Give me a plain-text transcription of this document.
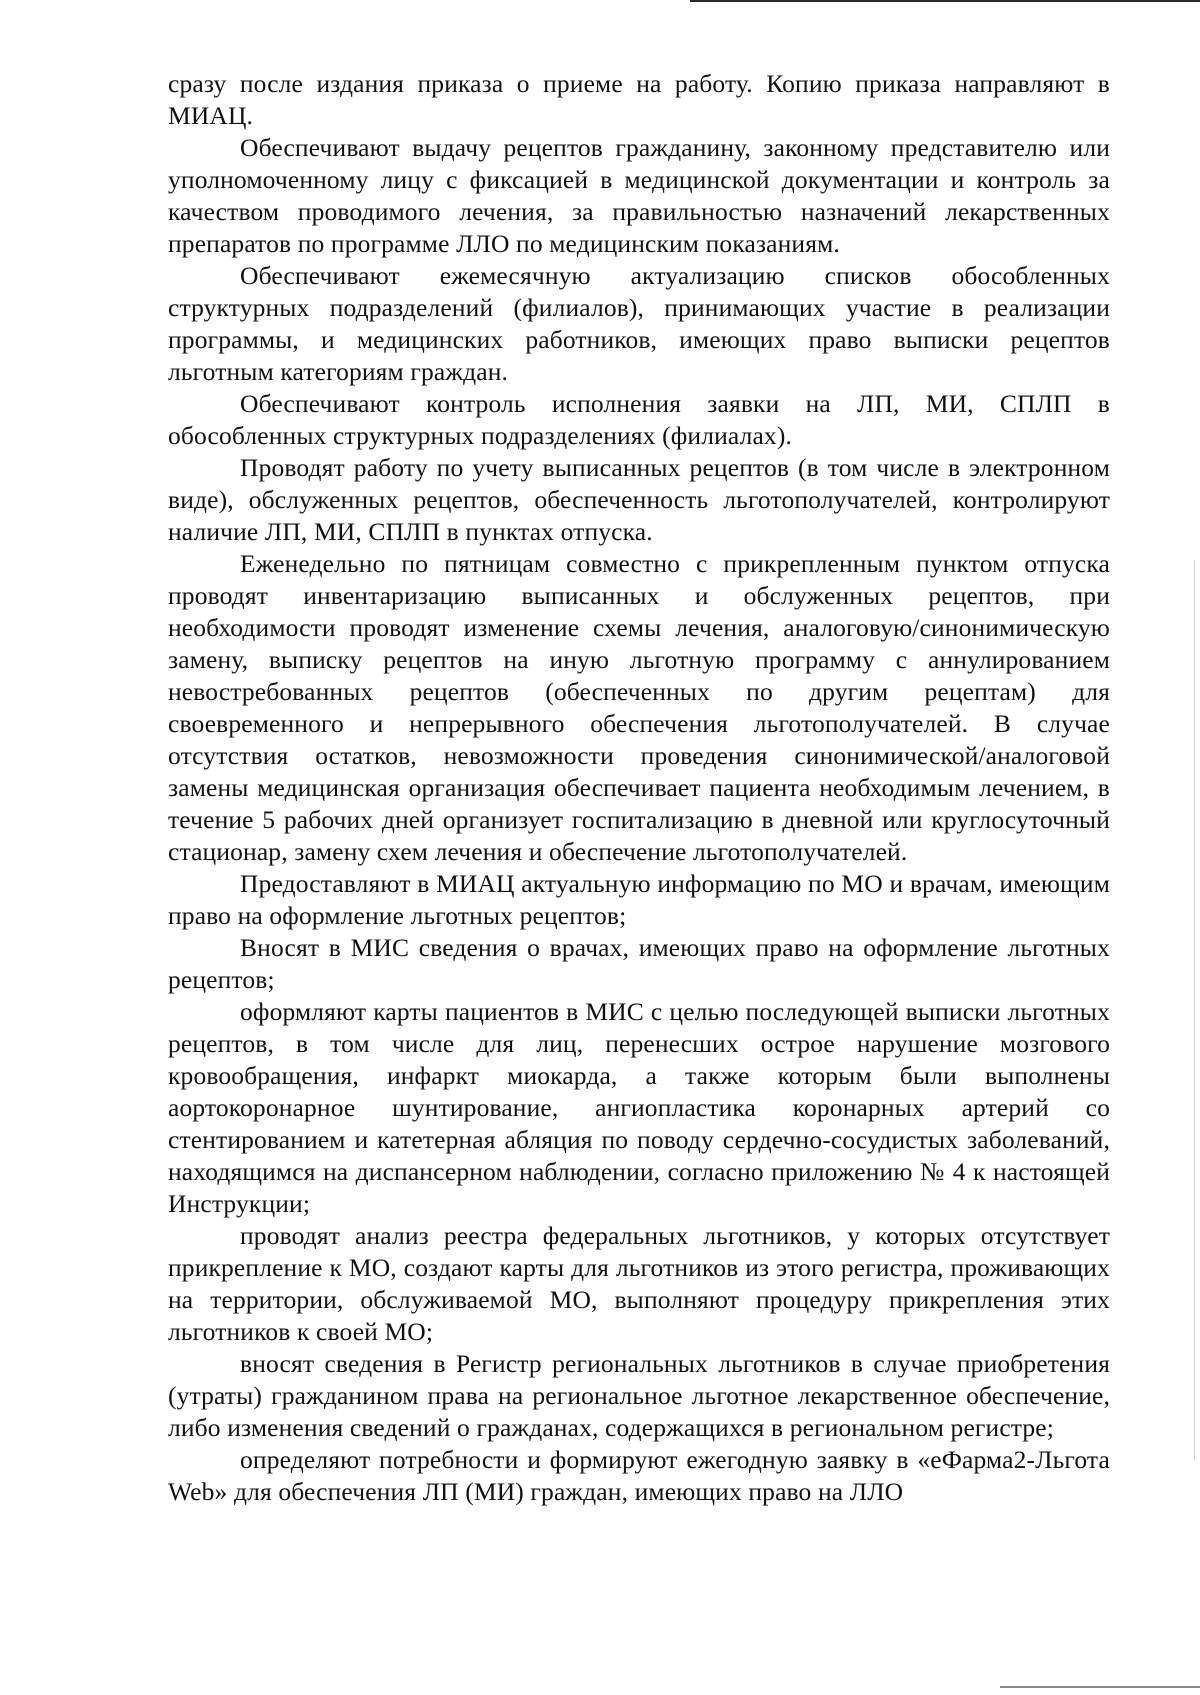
сразу после издания приказа о приеме на работу. Копию приказа направляют в МИАЦ.

Обеспечивают выдачу рецептов гражданину, законному представителю или уполномоченному лицу с фиксацией в медицинской документации и контроль за качеством проводимого лечения, за правильностью назначений лекарственных препаратов по программе ЛЛО по медицинским показаниям.

Обеспечивают ежемесячную актуализацию списков обособленных структурных подразделений (филиалов), принимающих участие в реализации программы, и медицинских работников, имеющих право выписки рецептов льготным категориям граждан.

Обеспечивают контроль исполнения заявки на ЛП, МИ, СПЛП в обособленных структурных подразделениях (филиалах).

Проводят работу по учету выписанных рецептов (в том числе в электронном виде), обслуженных рецептов, обеспеченность льготополучателей, контролируют наличие ЛП, МИ, СПЛП в пунктах отпуска.

Еженедельно по пятницам совместно с прикрепленным пунктом отпуска проводят инвентаризацию выписанных и обслуженных рецептов, при необходимости проводят изменение схемы лечения, аналоговую/синонимическую замену, выписку рецептов на иную льготную программу с аннулированием невостребованных рецептов (обеспеченных по другим рецептам) для своевременного и непрерывного обеспечения льготополучателей. В случае отсутствия остатков, невозможности проведения синонимической/аналоговой замены медицинская организация обеспечивает пациента необходимым лечением, в течение 5 рабочих дней организует госпитализацию в дневной или круглосуточный стационар, замену схем лечения и обеспечение льготополучателей.

Предоставляют в МИАЦ актуальную информацию по МО и врачам, имеющим право на оформление льготных рецептов;

Вносят в МИС сведения о врачах, имеющих право на оформление льготных рецептов;

оформляют карты пациентов в МИС с целью последующей выписки льготных рецептов, в том числе для лиц, перенесших острое нарушение мозгового кровообращения, инфаркт миокарда, а также которым были выполнены аортокоронарное шунтирование, ангиопластика коронарных артерий со стентированием и катетерная абляция по поводу сердечно-сосудистых заболеваний, находящимся на диспансерном наблюдении, согласно приложению № 4 к настоящей Инструкции;

проводят анализ реестра федеральных льготников, у которых отсутствует прикрепление к МО, создают карты для льготников из этого регистра, проживающих на территории, обслуживаемой МО, выполняют процедуру прикрепления этих льготников к своей МО;

вносят сведения в Регистр региональных льготников в случае приобретения (утраты) гражданином права на региональное льготное лекарственное обеспечение, либо изменения сведений о гражданах, содержащихся в региональном регистре;

определяют потребности и формируют ежегодную заявку в «еФарма2-Льгота Web» для обеспечения ЛП (МИ) граждан, имеющих право на ЛЛО
